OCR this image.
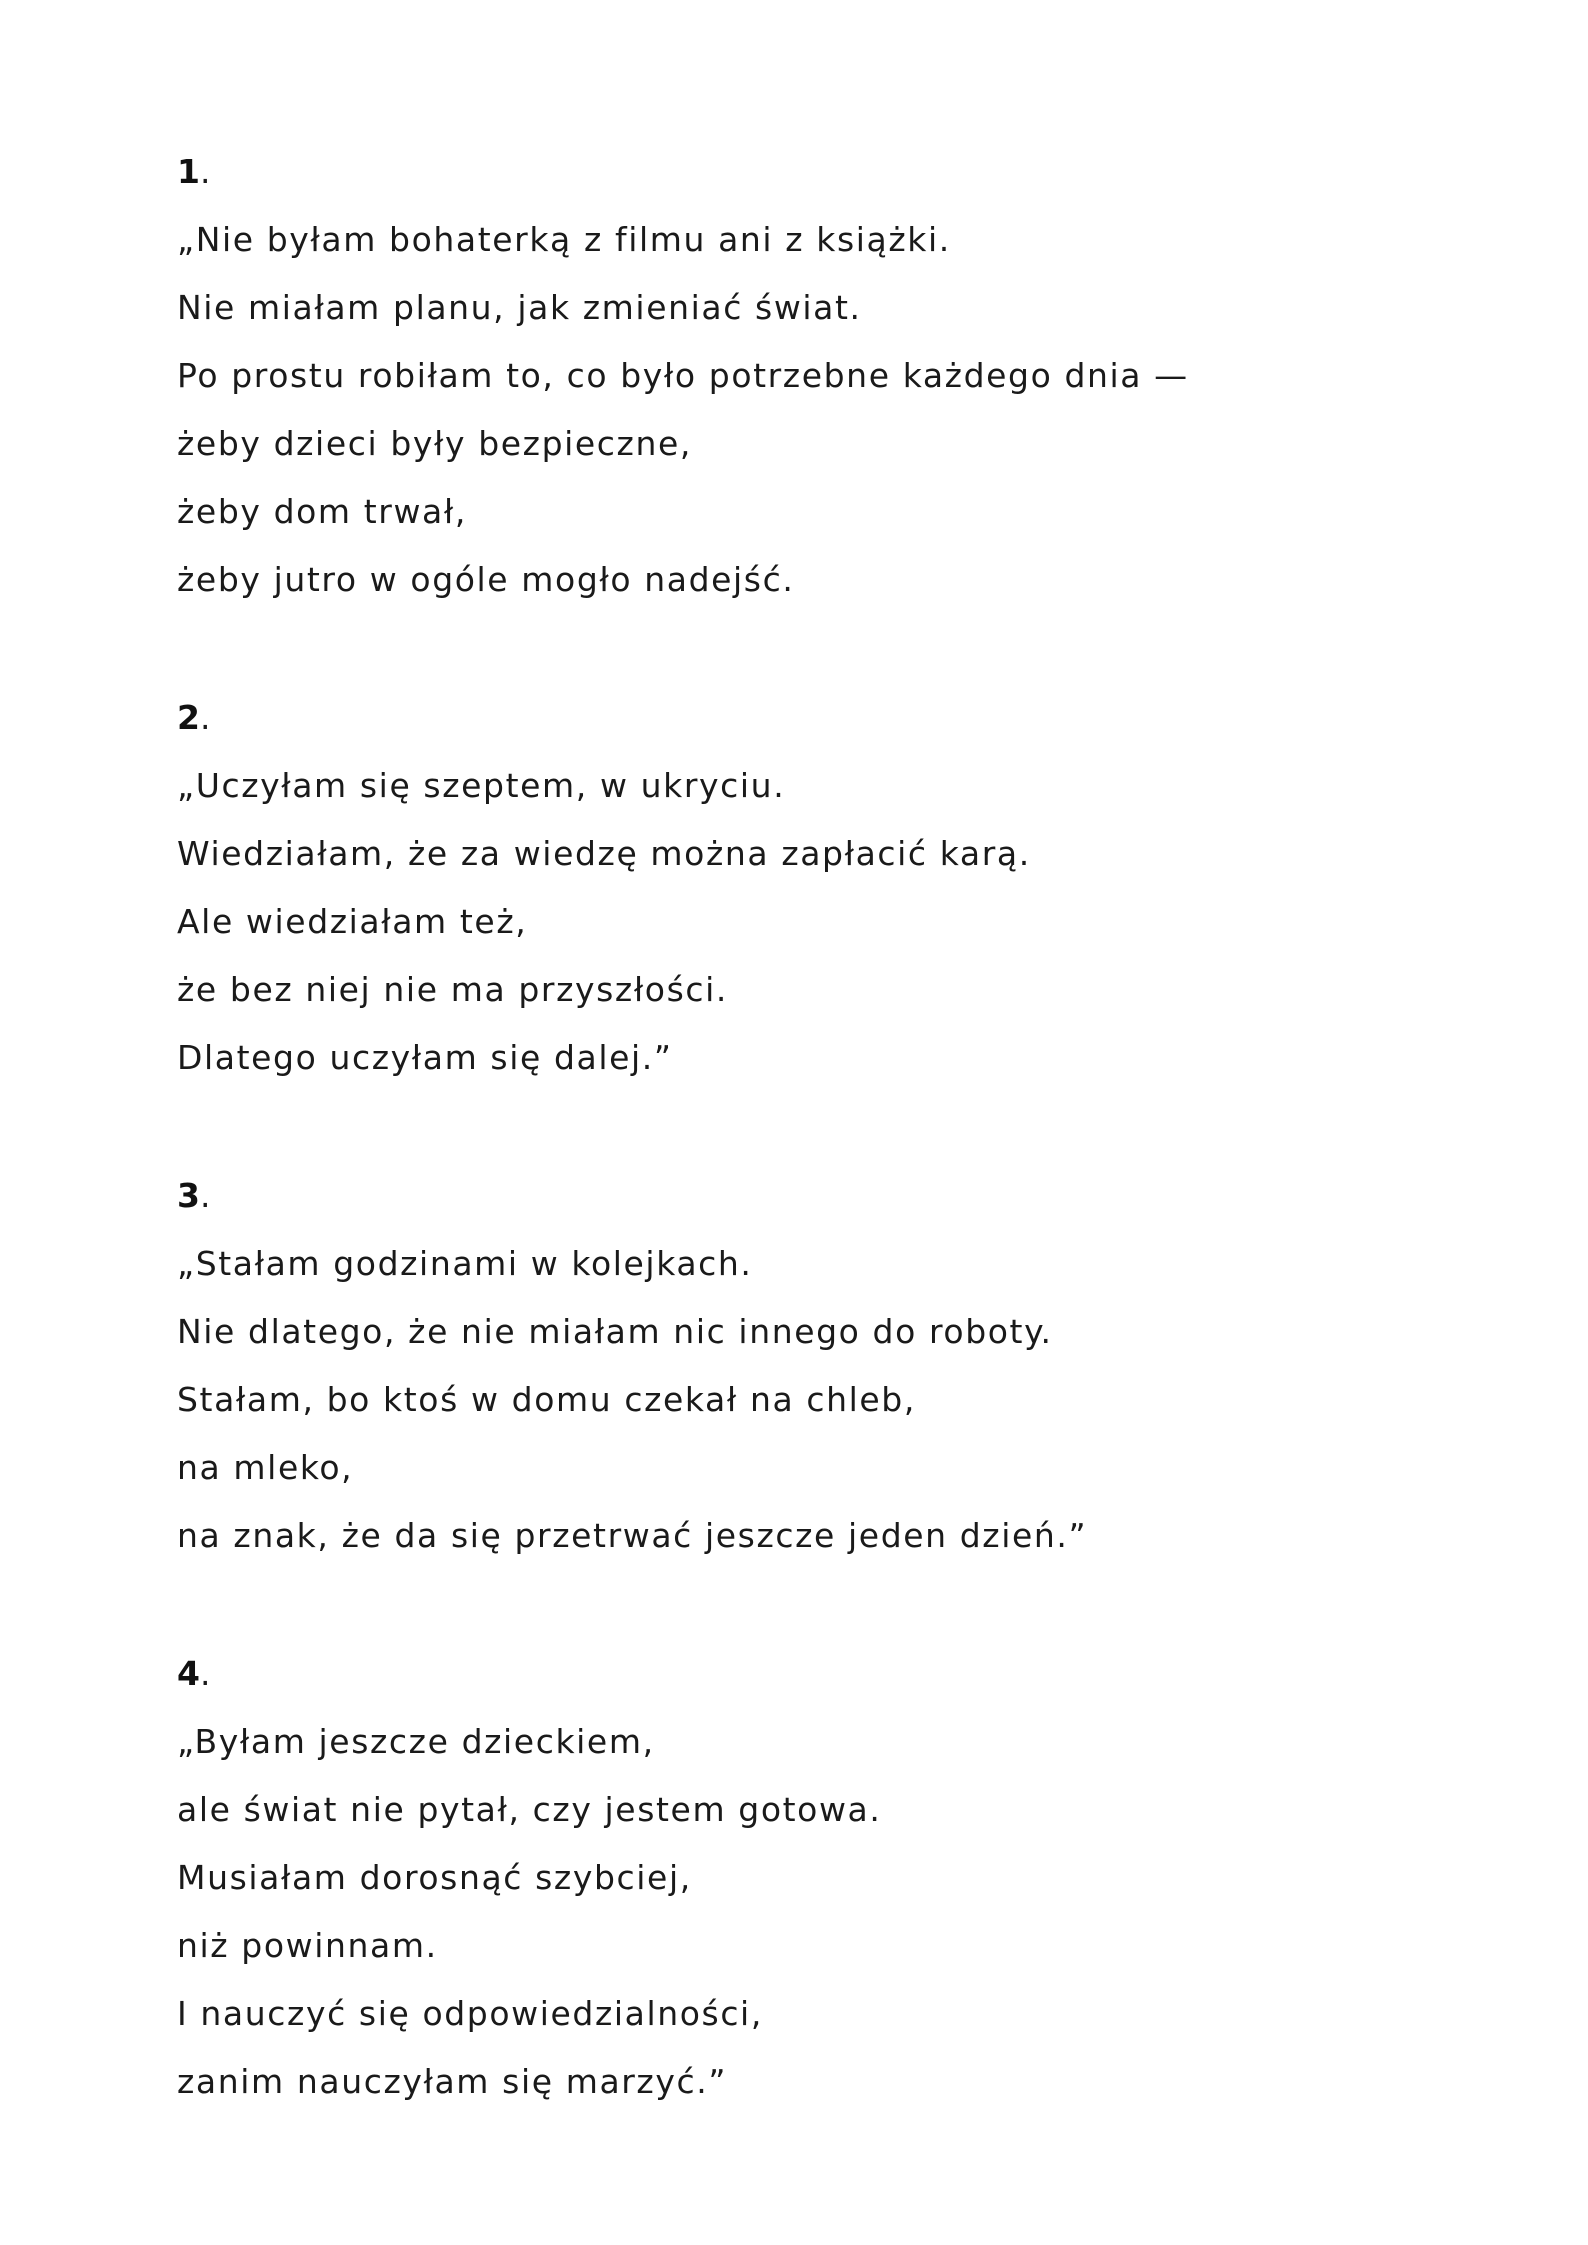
1.
„Nie byłam bohaterką z filmu ani z książki.
Nie miałam planu, jak zmieniać świat.
Po prostu robiłam to, co było potrzebne każdego dnia —
żeby dzieci były bezpieczne,
żeby dom trwał,
żeby jutro w ogóle mogło nadejść.
2.
„Uczyłam się szeptem, w ukryciu.
Wiedziałam, że za wiedzę można zapłacić karą.
Ale wiedziałam też,
że bez niej nie ma przyszłości.
Dlatego uczyłam się dalej.”
3.
„Stałam godzinami w kolejkach.
Nie dlatego, że nie miałam nic innego do roboty.
Stałam, bo ktoś w domu czekał na chleb,
na mleko,
na znak, że da się przetrwać jeszcze jeden dzień.”
4.
„Byłam jeszcze dzieckiem,
ale świat nie pytał, czy jestem gotowa.
Musiałam dorosnąć szybciej,
niż powinnam.
I nauczyć się odpowiedzialności,
zanim nauczyłam się marzyć.”
